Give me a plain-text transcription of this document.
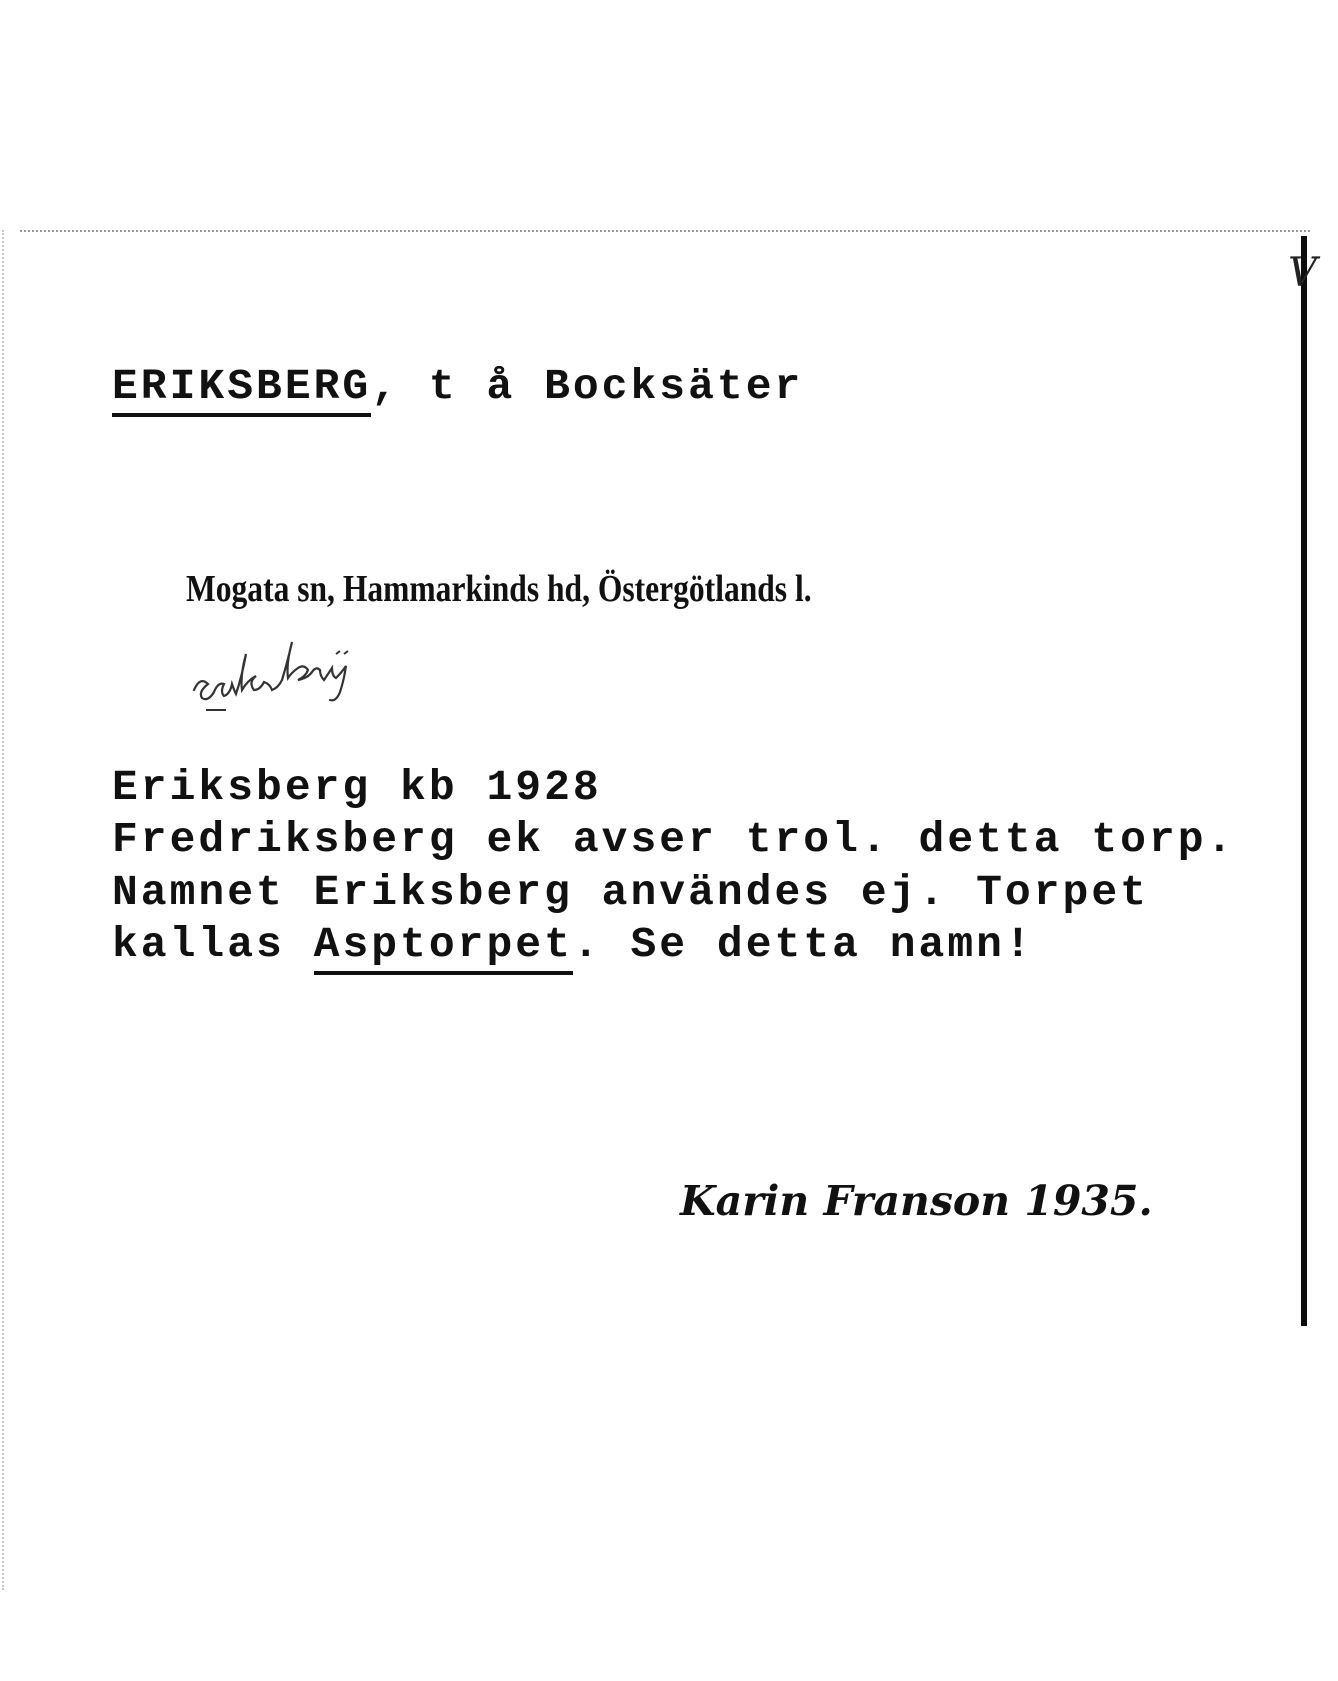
V
ERIKSBERG, t å Bocksäter
Mogata sn, Hammarkinds hd, Östergötlands l.
Eriksberg kb 1928
Fredriksberg ek avser trol. detta torp.
Namnet Eriksberg användes ej. Torpet
kallas Asptorpet. Se detta namn!
Karin Franson 1935.
